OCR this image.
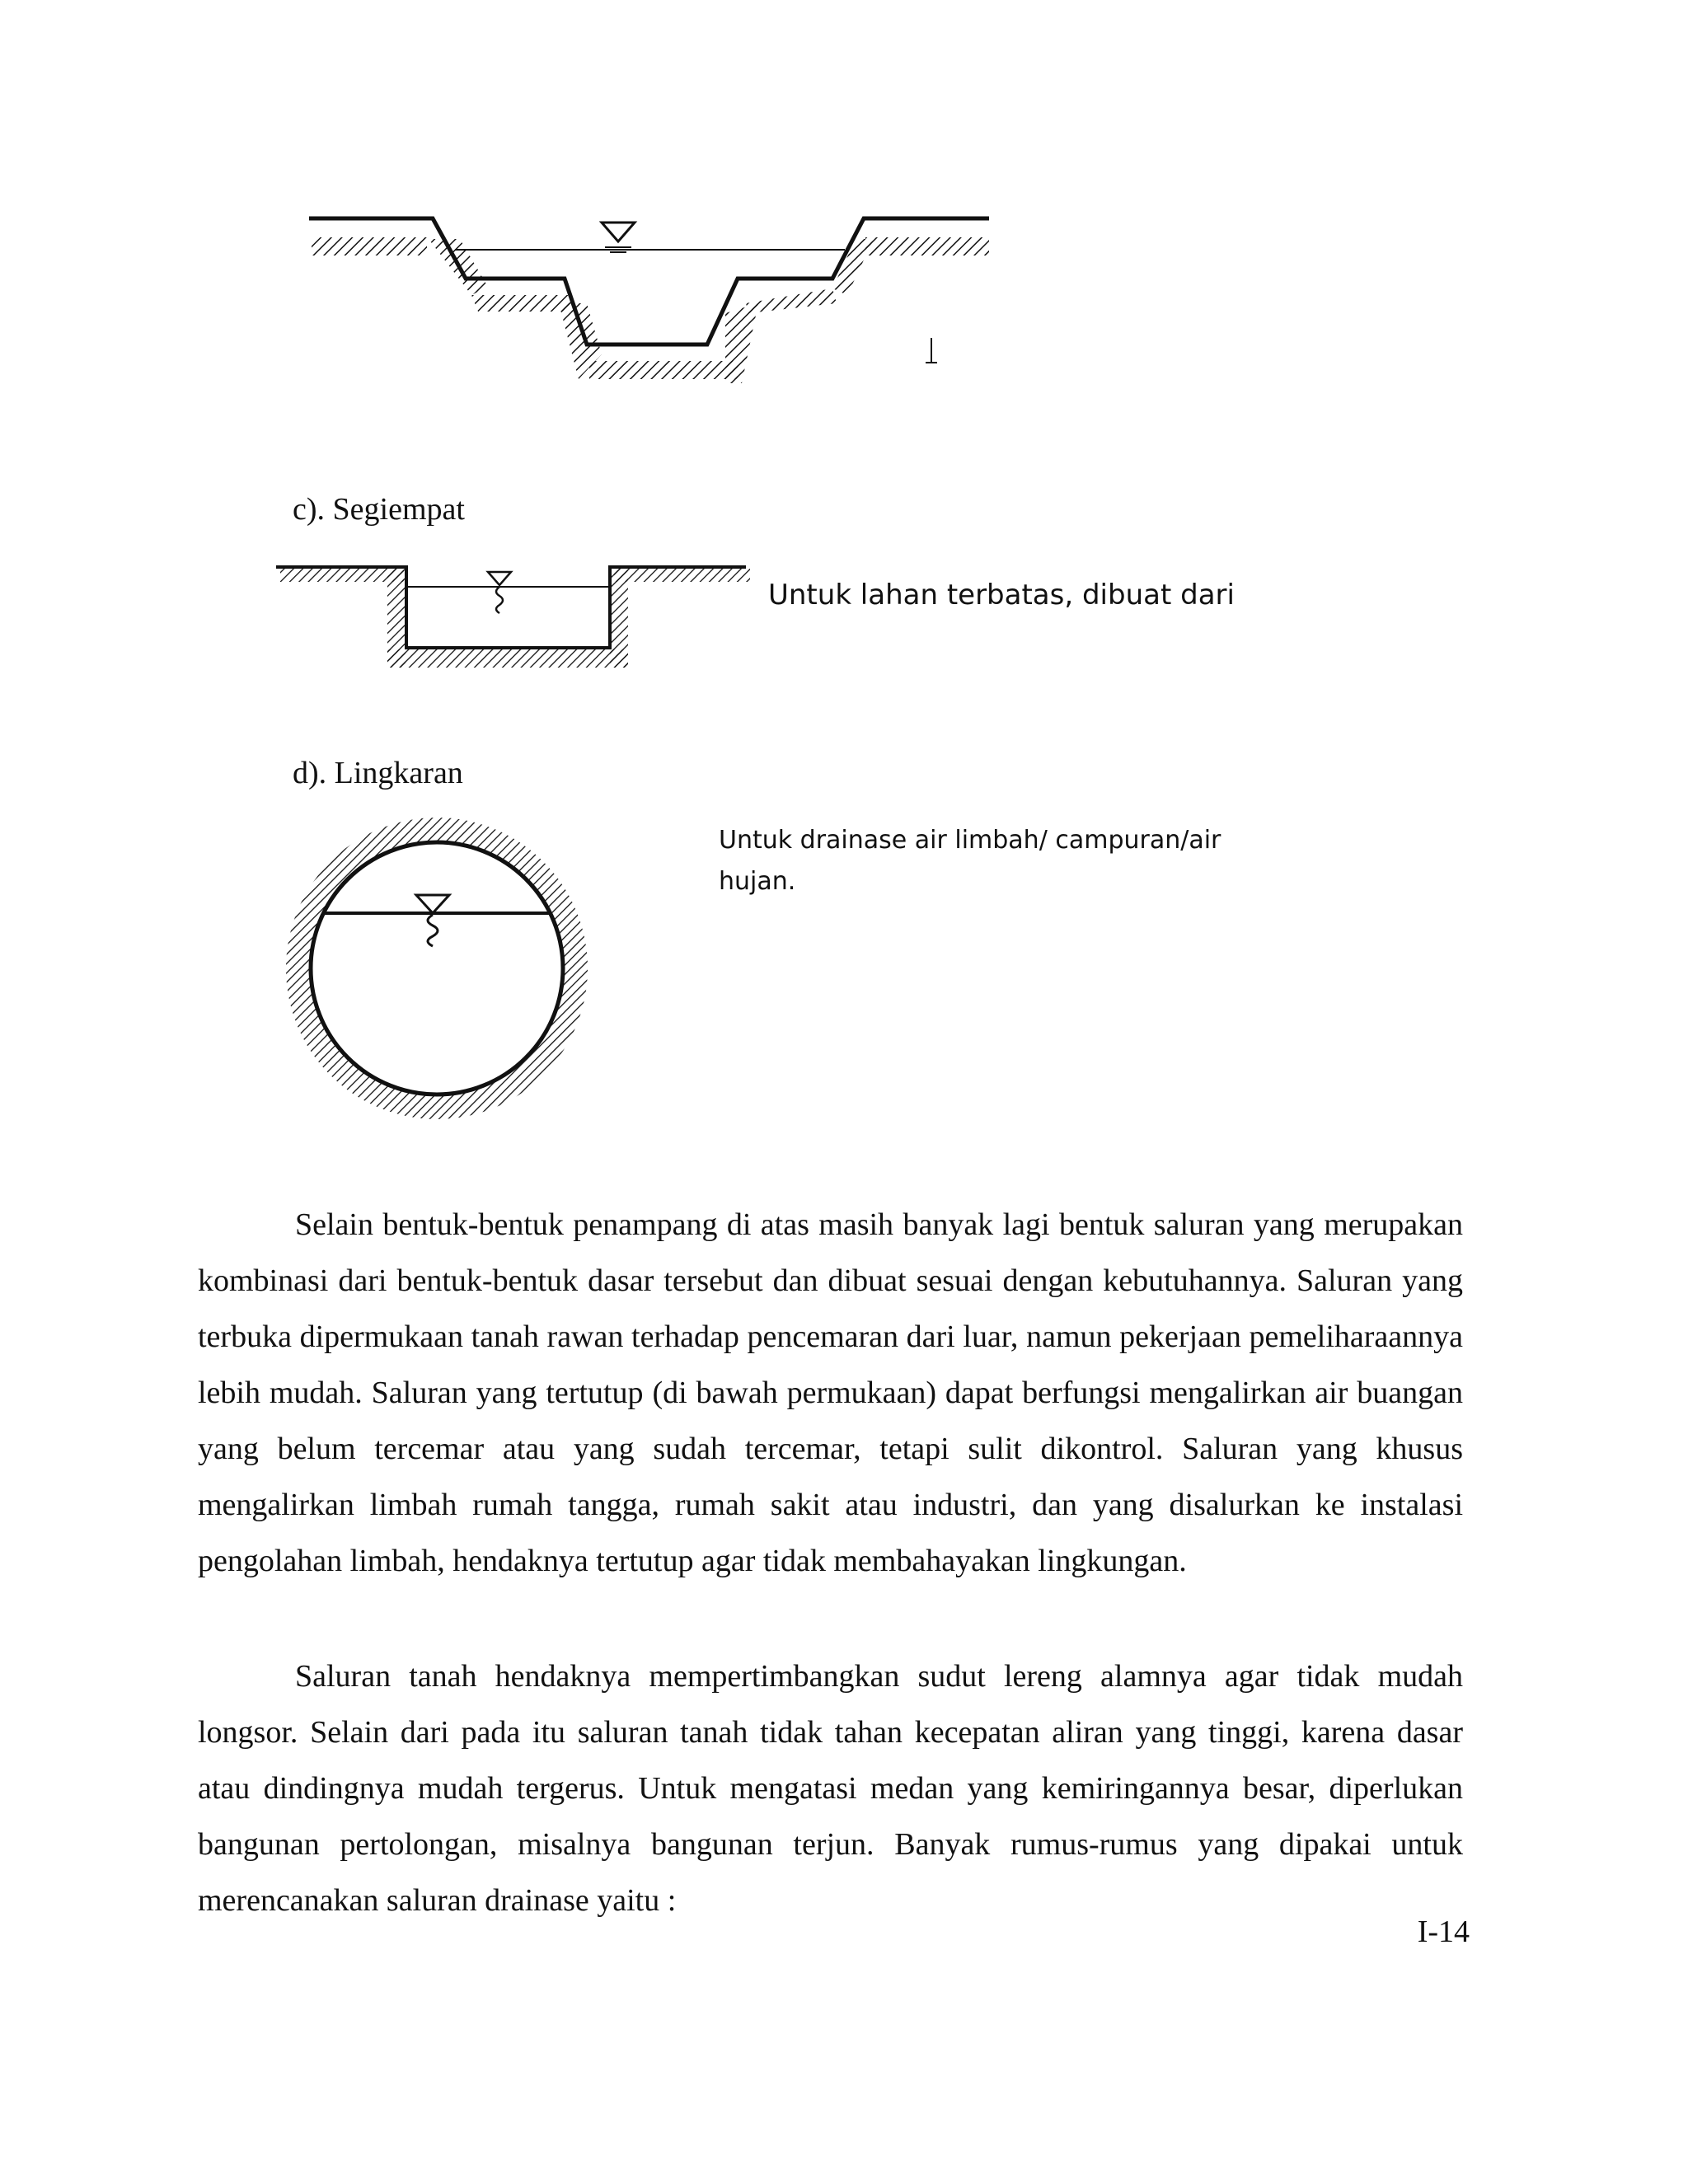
c). Segiempat
Untuk lahan terbatas, dibuat dari
d). Lingkaran
Untuk drainase air limbah/ campuran/air
hujan.

Selain bentuk-bentuk penampang di atas masih banyak lagi bentuk saluran yang merupakan kombinasi dari bentuk-bentuk dasar tersebut dan dibuat sesuai dengan kebutuhannya. Saluran yang terbuka dipermukaan tanah rawan terhadap pencemaran dari luar, namun pekerjaan pemeliharaannya lebih mudah. Saluran yang tertutup (di bawah permukaan) dapat berfungsi mengalirkan air buangan yang belum tercemar atau yang sudah tercemar, tetapi sulit dikontrol. Saluran yang khusus mengalirkan limbah rumah tangga, rumah sakit atau industri, dan yang disalurkan ke instalasi pengolahan limbah, hendaknya tertutup agar tidak membahayakan lingkungan.

Saluran tanah hendaknya mempertimbangkan sudut lereng alamnya agar tidak mudah longsor. Selain dari pada itu saluran tanah tidak tahan kecepatan aliran yang tinggi, karena dasar atau dindingnya mudah tergerus. Untuk mengatasi medan yang kemiringannya besar, diperlukan bangunan pertolongan, misalnya bangunan terjun. Banyak rumus-rumus yang dipakai untuk merencanakan saluran drainase yaitu :

I-14
